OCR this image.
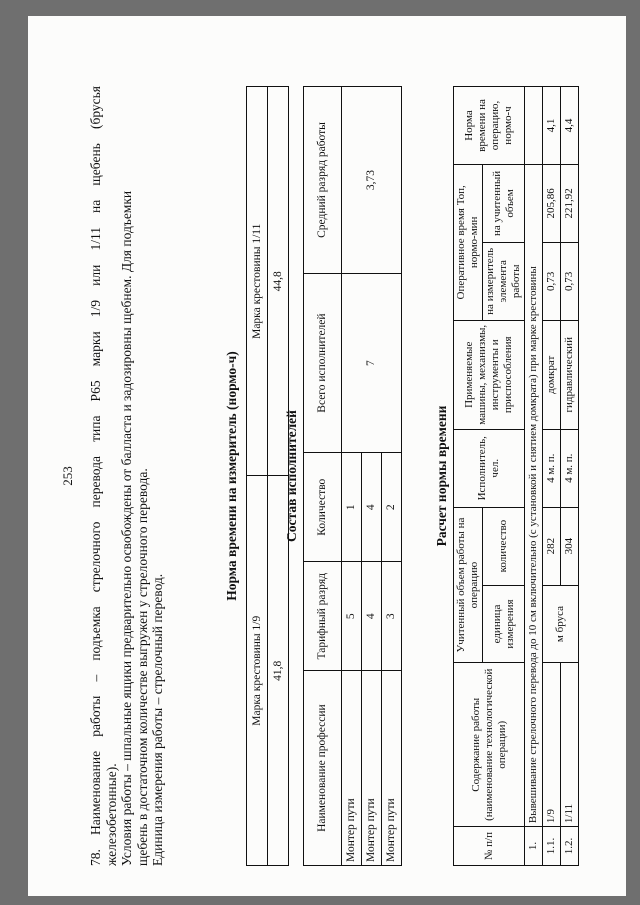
253
78.
Наименование
работы
–
подъемка
стрелочного
перевода
типа
Р65
марки
1/9
или
1/11
на
щебень
(брусья
железобетонные). Условия работы – шпальные ящики предварительно освобождены от балласта и задозировны щебнем. Для подъемки щебень в достаточном количестве выгружен у стрелочного перевода. Единица измерения работы – стрелочный перевод.
Норма времени на измеритель (нормо-ч)
Марка крестовины 1/9	Марка крестовины 1/11
41,8	44,8
Состав исполнителей
Наименование профессии	Тарифный разряд	Количество	Всего исполнителей	Средний разряд работы
Монтер пути	5	1	7	3,73
Монтер пути	4	4		
Монтер пути	3	2			Расчет нормы времени
№ п/п	Содержание работы (наименование технологической операции)	Учитенный объем работы на операцию		Исполнитель, чел.	Применяемые машины, механизмы, инструменты и приспособления	Оперативное время Топ, нормо-мин		Норма времени на операцию, нормо-ч
		единица измерения	количество			на измеритель элемента работы	на учитенный объем	
1.	Вывешивание стрелочного перевода до 10 см включительно (с установкой и снятием домкрата) при марке крестовины							
1.1.	1/9	м бруса	282	4 м. п.	домкрат	0,73	205,86	4,1
1.2.	1/11		304	4 м. п.	гидравлический	0,73	221,92	4,4
